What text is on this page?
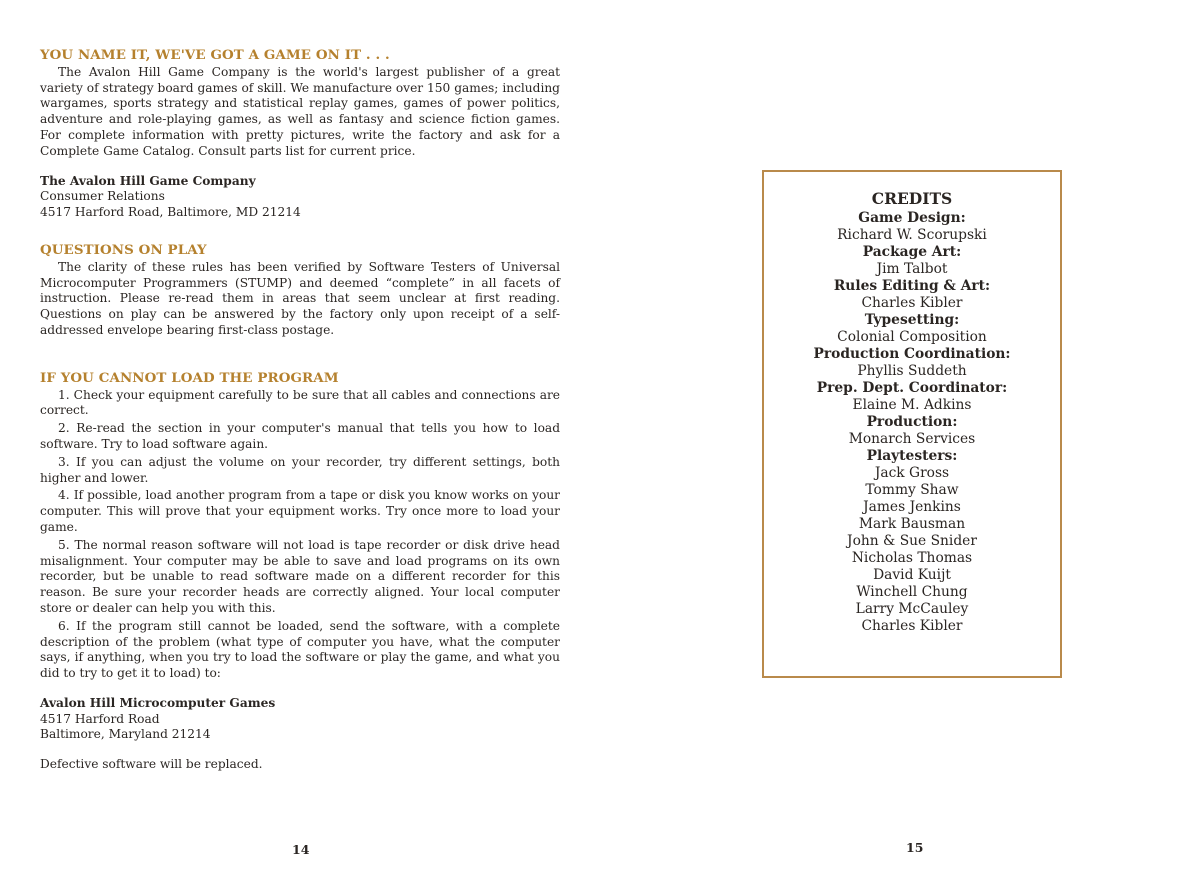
YOU NAME IT, WE'VE GOT A GAME ON IT . . .

The Avalon Hill Game Company is the world's largest publisher of a great variety of strategy board games of skill. We manufacture over 150 games; including wargames, sports strategy and statistical replay games, games of power politics, adventure and role-playing games, as well as fantasy and science fiction games. For complete information with pretty pictures, write the factory and ask for a Complete Game Catalog. Consult parts list for current price.

The Avalon Hill Game Company

Consumer Relations

4517 Harford Road, Baltimore, MD 21214

QUESTIONS ON PLAY

The clarity of these rules has been verified by Software Testers of Universal Microcomputer Programmers (STUMP) and deemed “complete” in all facets of instruction. Please re-read them in areas that seem unclear at first reading. Questions on play can be answered by the factory only upon receipt of a self-addressed envelope bearing first-class postage.

IF YOU CANNOT LOAD THE PROGRAM

1. Check your equipment carefully to be sure that all cables and connections are correct.

2. Re-read the section in your computer's manual that tells you how to load software. Try to load software again.

3. If you can adjust the volume on your recorder, try different settings, both higher and lower.

4. If possible, load another program from a tape or disk you know works on your computer. This will prove that your equipment works. Try once more to load your game.

5. The normal reason software will not load is tape recorder or disk drive head misalignment. Your computer may be able to save and load programs on its own recorder, but be unable to read software made on a different recorder for this reason. Be sure your recorder heads are correctly aligned. Your local computer store or dealer can help you with this.

6. If the program still cannot be loaded, send the software, with a complete description of the problem (what type of computer you have, what the computer says, if anything, when you try to load the software or play the game, and what you did to try to get it to load) to:

Avalon Hill Microcomputer Games

4517 Harford Road

Baltimore, Maryland 21214

Defective software will be replaced.

14
CREDITS
Game Design:
Richard W. Scorupski
Package Art:
Jim Talbot
Rules Editing & Art:
Charles Kibler
Typesetting:
Colonial Composition
Production Coordination:
Phyllis Suddeth
Prep. Dept. Coordinator:
Elaine M. Adkins
Production:
Monarch Services
Playtesters:
Jack Gross
Tommy Shaw
James Jenkins
Mark Bausman
John & Sue Snider
Nicholas Thomas
David Kuijt
Winchell Chung
Larry McCauley
Charles Kibler
15
